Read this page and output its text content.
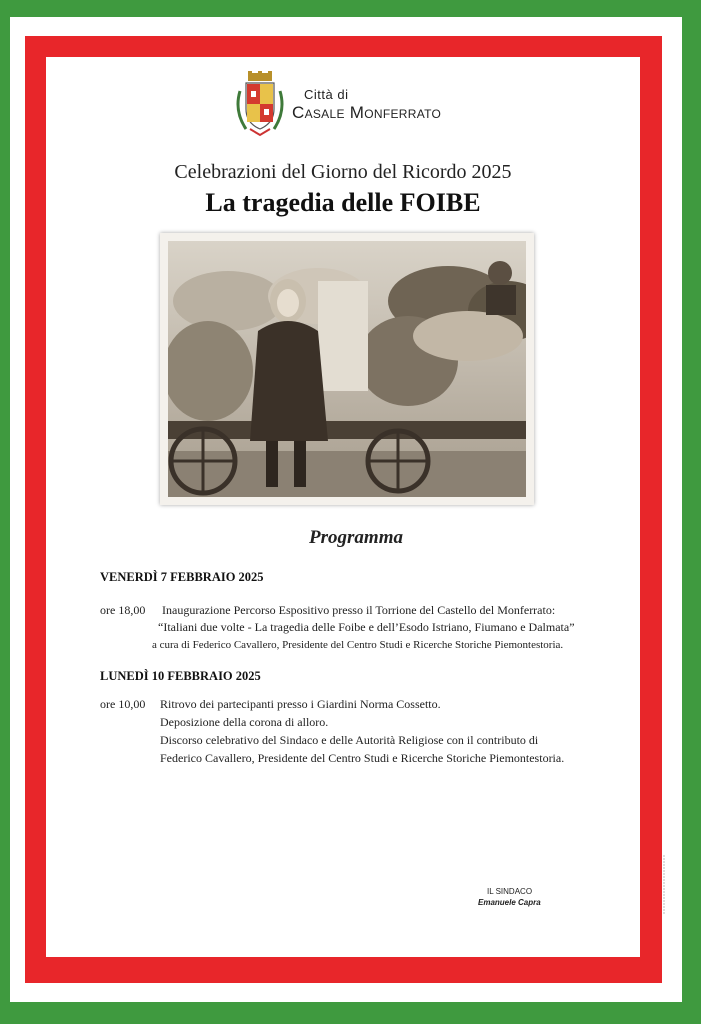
Città di
Casale Monferrato
Celebrazioni del Giorno del Ricordo 2025
La tragedia delle FOIBE
Programma
VENERDÌ 7 FEBBRAIO 2025
ore 18,00 Inaugurazione Percorso Espositivo presso il Torrione del Castello del Monferrato:
“Italiani due volte - La tragedia delle Foibe e dell’Esodo Istriano, Fiumano e Dalmata”
a cura di Federico Cavallero, Presidente del Centro Studi e Ricerche Storiche Piemontestoria.
LUNEDÌ 10 FEBBRAIO 2025
ore 10,00 Ritrovo dei partecipanti presso i Giardini Norma Cossetto.
Deposizione della corona di alloro.
Discorso celebrativo del Sindaco e delle Autorità Religiose con il contributo di
Federico Cavallero, Presidente del Centro Studi e Ricerche Storiche Piemontestoria.
IL SINDACO
Emanuele Capra
